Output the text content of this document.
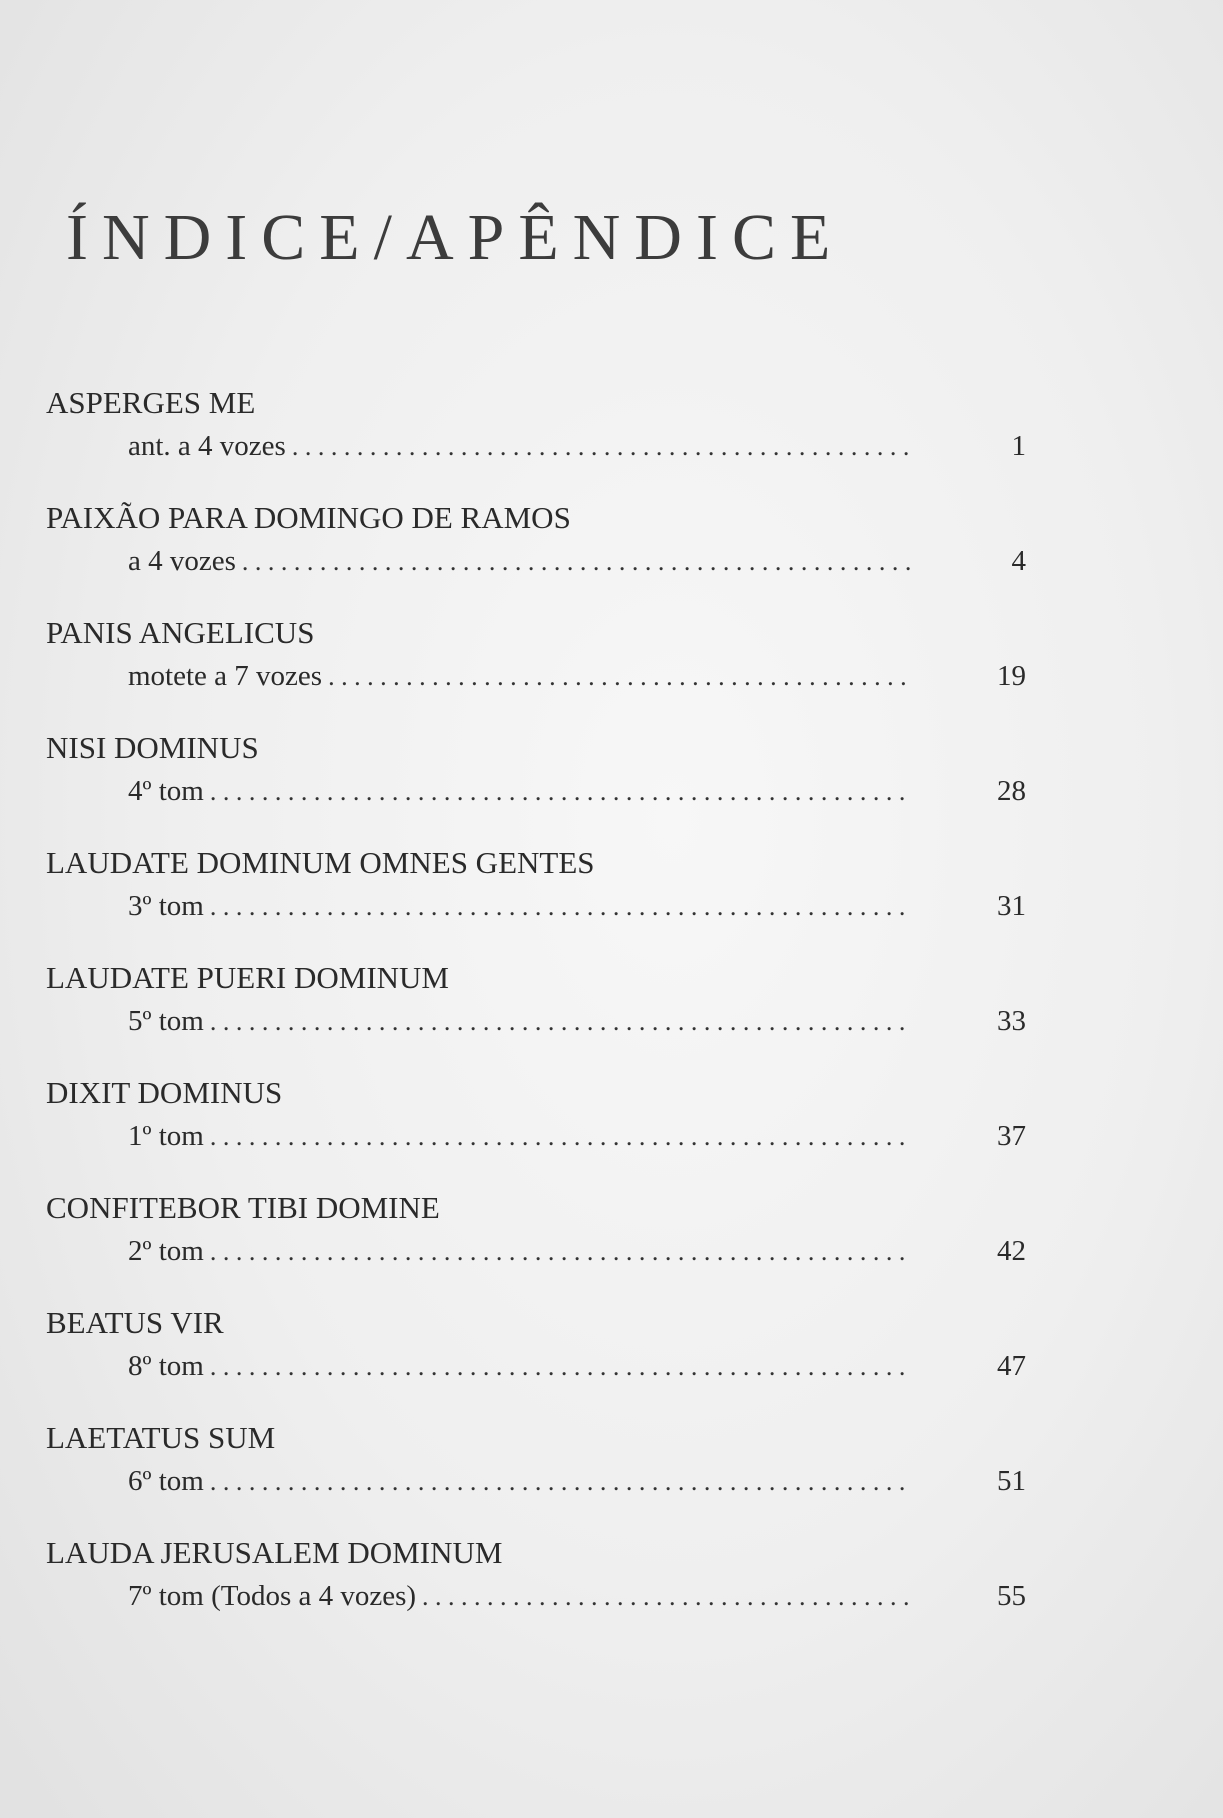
ÍNDICE/APÊNDICE
ASPERGES ME
ant. a 4 vozes . . .	1
PAIXÃO PARA DOMINGO DE RAMOS
a 4 vozes . . .	4
PANIS ANGELICUS
motete a 7 vozes . . .	19
NISI DOMINUS
4º tom . . .	28
LAUDATE DOMINUM OMNES GENTES
3º tom . . .	31
LAUDATE PUERI DOMINUM
5º tom . . .	33
DIXIT DOMINUS
1º tom . . .	37
CONFITEBOR TIBI DOMINE
2º tom . . .	42
BEATUS VIR
8º tom . . .	47
LAETATUS SUM
6º tom . . .	51
LAUDA JERUSALEM DOMINUM
7º tom (Todos a 4 vozes) . . .	55
